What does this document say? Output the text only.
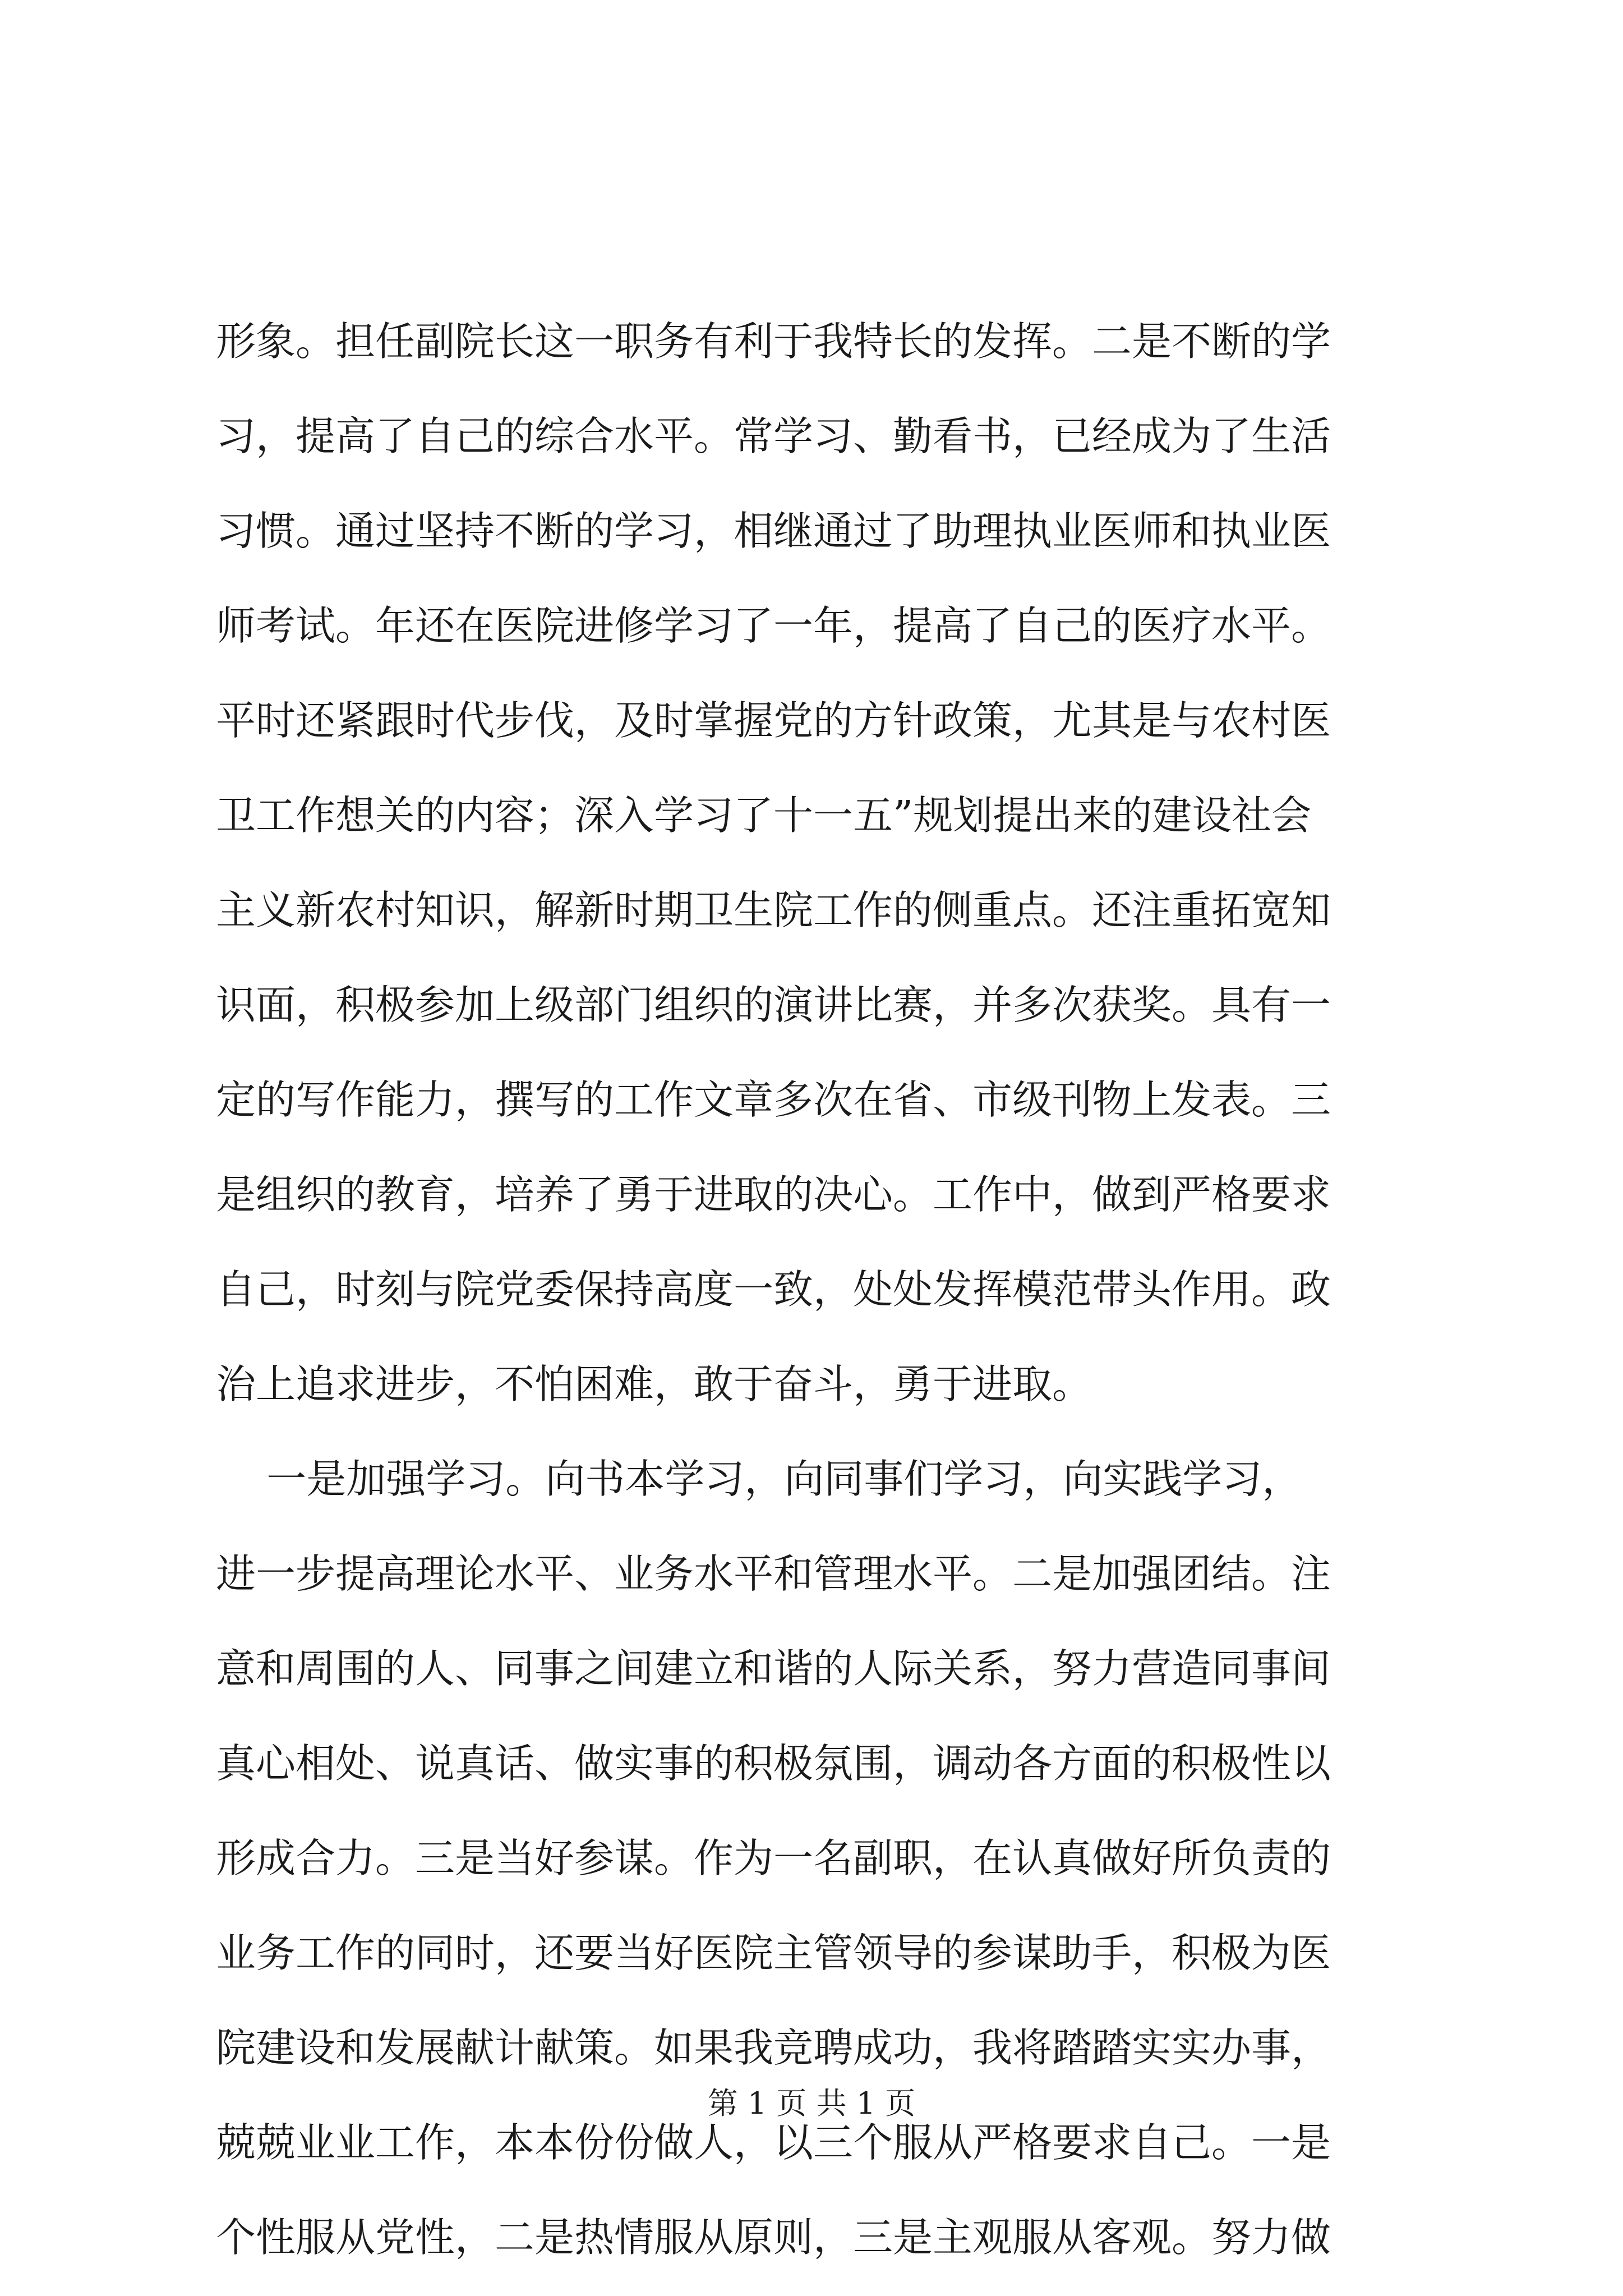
形象。担任副院长这一职务有利于我特长的发挥。二是不断的学
习，提高了自己的综合水平。常学习、勤看书，已经成为了生活
习惯。通过坚持不断的学习，相继通过了助理执业医师和执业医
师考试。年还在医院进修学习了一年，提高了自己的医疗水平。
平时还紧跟时代步伐，及时掌握党的方针政策，尤其是与农村医
卫工作想关的内容；深入学习了十一五”规划提出来的建设社会
主义新农村知识，解新时期卫生院工作的侧重点。还注重拓宽知
识面，积极参加上级部门组织的演讲比赛，并多次获奖。具有一
定的写作能力，撰写的工作文章多次在省、市级刊物上发表。三
是组织的教育，培养了勇于进取的决心。工作中，做到严格要求
自己，时刻与院党委保持高度一致，处处发挥模范带头作用。政
治上追求进步，不怕困难，敢于奋斗，勇于进取。
一是加强学习。向书本学习，向同事们学习，向实践学习，
进一步提高理论水平、业务水平和管理水平。二是加强团结。注
意和周围的人、同事之间建立和谐的人际关系，努力营造同事间
真心相处、说真话、做实事的积极氛围，调动各方面的积极性以
形成合力。三是当好参谋。作为一名副职，在认真做好所负责的
业务工作的同时，还要当好医院主管领导的参谋助手，积极为医
院建设和发展献计献策。如果我竞聘成功，我将踏踏实实办事，
兢兢业业工作，本本份份做人，以三个服从严格要求自己。一是
个性服从党性，二是热情服从原则，三是主观服从客观。努力做
第 1 页 共 1 页
